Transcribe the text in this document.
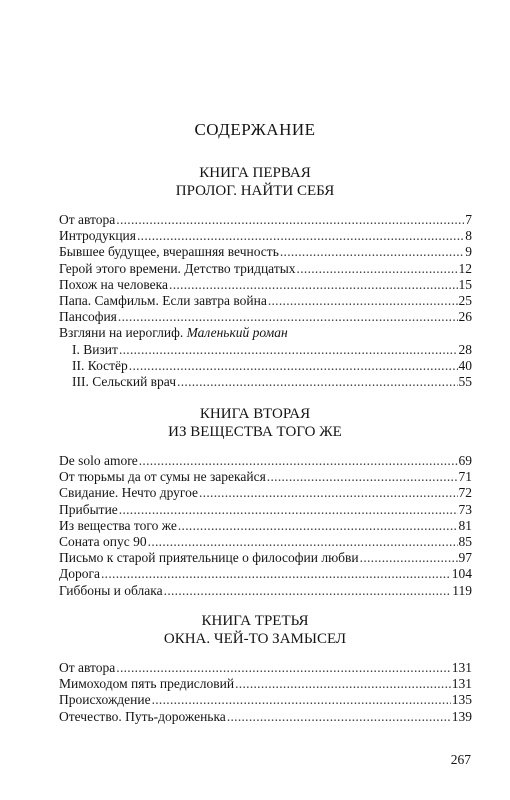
СОДЕРЖАНИЕ
КНИГА ПЕРВАЯ
ПРОЛОГ. НАЙТИ СЕБЯ
От автора .....	7
Интродукция .....	8
Бывшее будущее, вчерашняя вечность .....	9
Герой этого времени. Детство тридцатых .....	12
Похож на человека .....	15
Папа. Самфильм. Если завтра война .....	25
Пансофия .....	26
Взгляни на иероглиф. Маленький роман
I. Визит .....	28
II. Костёр .....	40
III. Сельский врач .....	55
КНИГА ВТОРАЯ
ИЗ ВЕЩЕСТВА ТОГО ЖЕ
De solo amore .....	69
От тюрьмы да от сумы не зарекайся .....	71
Свидание. Нечто другое .....	72
Прибытие .....	73
Из вещества того же .....	81
Соната опус 90 .....	85
Письмо к старой приятельнице о философии любви .....	97
Дорога .....	104
Гиббоны и облака .....	119
КНИГА ТРЕТЬЯ
ОКНА. ЧЕЙ-ТО ЗАМЫСЕЛ
От автора .....	131
Мимоходом пять предисловий .....	131
Происхождение .....	135
Отечество. Путь-дороженька .....	139
267
